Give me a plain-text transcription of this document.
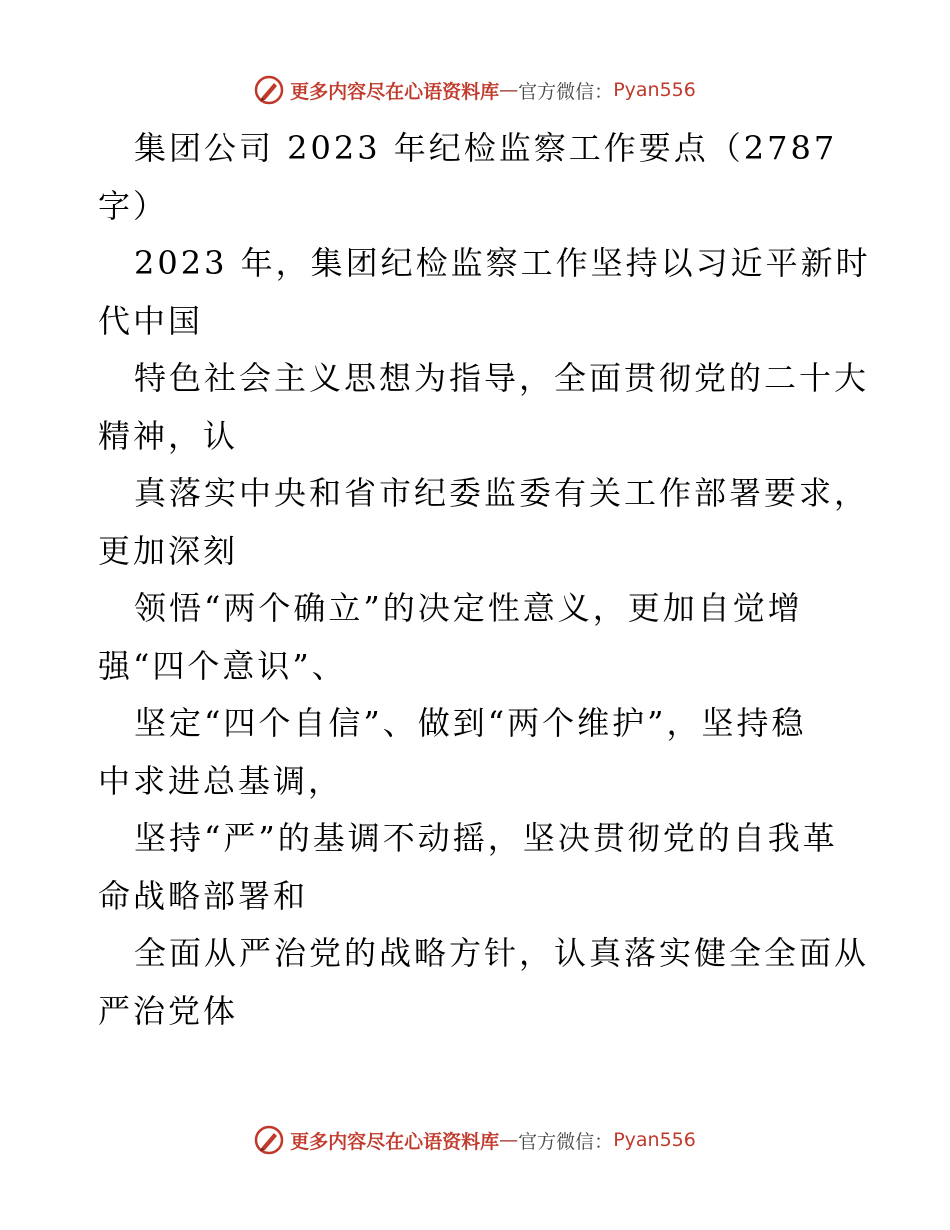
更多内容尽在心语资料库 — 官方微信： Pyan556
集团公司 2023 年纪检监察工作要点（2787
字）
2023 年，集团纪检监察工作坚持以习近平新时
代中国
特色社会主义思想为指导，全面贯彻党的二十大
精神，认
真落实中央和省市纪委监委有关工作部署要求，
更加深刻
领悟“两个确立”的决定性意义，更加自觉增
强“四个意识”、
坚定“四个自信”、做到“两个维护”，坚持稳
中求进总基调，
坚持“严”的基调不动摇，坚决贯彻党的自我革
命战略部署和
全面从严治党的战略方针，认真落实健全全面从
严治党体
更多内容尽在心语资料库 — 官方微信： Pyan556
